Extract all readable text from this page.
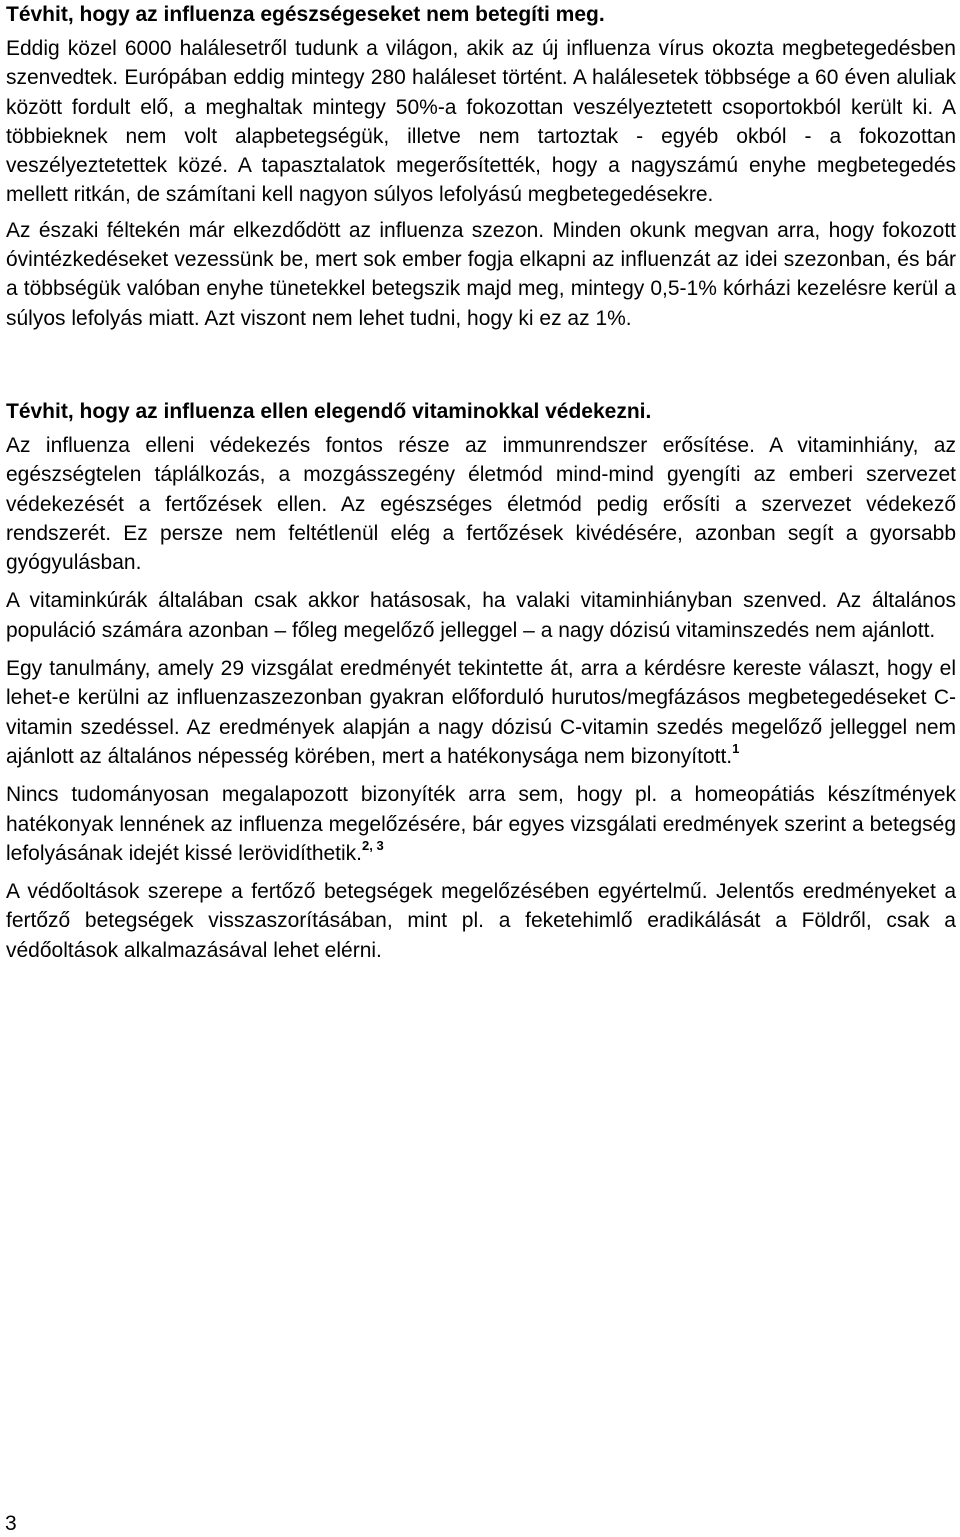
Tévhit, hogy az influenza egészségeseket nem betegíti meg.

Eddig közel 6000 halálesetről tudunk a világon, akik az új influenza vírus okozta megbetegedésben szenvedtek. Európában eddig mintegy 280 haláleset történt. A halálesetek többsége a 60 éven aluliak között fordult elő, a meghaltak mintegy 50%-a fokozottan veszélyeztetett csoportokból került ki. A többieknek nem volt alapbetegségük, illetve nem tartoztak - egyéb okból - a fokozottan veszélyeztetettek közé. A tapasztalatok megerősítették, hogy a nagyszámú enyhe megbetegedés mellett ritkán, de számítani kell nagyon súlyos lefolyású megbetegedésekre.

Az északi féltekén már elkezdődött az influenza szezon. Minden okunk megvan arra, hogy fokozott óvintézkedéseket vezessünk be, mert sok ember fogja elkapni az influenzát az idei szezonban, és bár a többségük valóban enyhe tünetekkel betegszik majd meg, mintegy 0,5-1% kórházi kezelésre kerül a súlyos lefolyás miatt. Azt viszont nem lehet tudni, hogy ki ez az 1%.

Tévhit, hogy az influenza ellen elegendő vitaminokkal védekezni.

Az influenza elleni védekezés fontos része az immunrendszer erősítése. A vitaminhiány, az egészségtelen táplálkozás, a mozgásszegény életmód mind-mind gyengíti az emberi szervezet védekezését a fertőzések ellen. Az egészséges életmód pedig erősíti a szervezet védekező rendszerét. Ez persze nem feltétlenül elég a fertőzések kivédésére, azonban segít a gyorsabb gyógyulásban.

A vitaminkúrák általában csak akkor hatásosak, ha valaki vitaminhiányban szenved. Az általános populáció számára azonban – főleg megelőző jelleggel – a nagy dózisú vitaminszedés nem ajánlott.

Egy tanulmány, amely 29 vizsgálat eredményét tekintette át, arra a kérdésre kereste választ, hogy el lehet-e kerülni az influenzaszezonban gyakran előforduló hurutos/megfázásos megbetegedéseket C-vitamin szedéssel. Az eredmények alapján a nagy dózisú C-vitamin szedés megelőző jelleggel nem ajánlott az általános népesség körében, mert a hatékonysága nem bizonyított.$^1$

Nincs tudományosan megalapozott bizonyíték arra sem, hogy pl. a homeopátiás készítmények hatékonyak lennének az influenza megelőzésére, bár egyes vizsgálati eredmények szerint a betegség lefolyásának idejét kissé lerövidíthetik.$^{2, 3}$

A védőoltások szerepe a fertőző betegségek megelőzésében egyértelmű. Jelentős eredményeket a fertőző betegségek visszaszorításában, mint pl. a feketehimlő eradikálását a Földről, csak a védőoltások alkalmazásával lehet elérni.

3
